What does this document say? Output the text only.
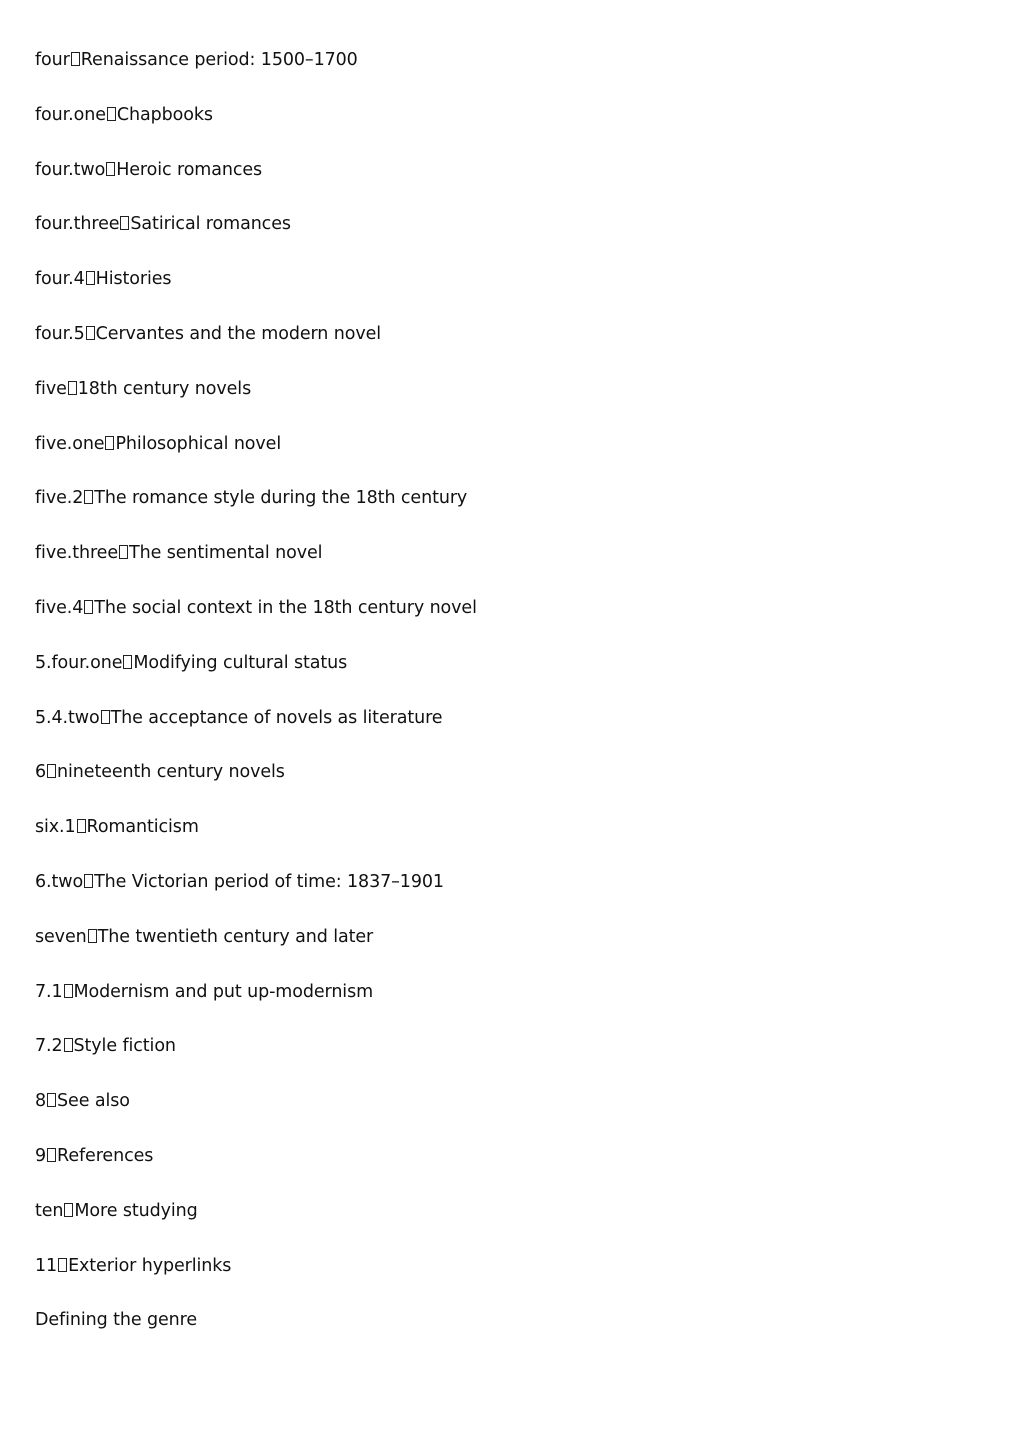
four Renaissance period: 1500–1700
four.one Chapbooks
four.two Heroic romances
four.three Satirical romances
four.4 Histories
four.5 Cervantes and the modern novel
five 18th century novels
five.one Philosophical novel
five.2 The romance style during the 18th century
five.three The sentimental novel
five.4 The social context in the 18th century novel
5.four.one Modifying cultural status
5.4.two The acceptance of novels as literature
6 nineteenth century novels
six.1 Romanticism
6.two The Victorian period of time: 1837–1901
seven The twentieth century and later
7.1 Modernism and put up-modernism
7.2 Style fiction
8 See also
9 References
ten More studying
11 Exterior hyperlinks
Defining the genre
